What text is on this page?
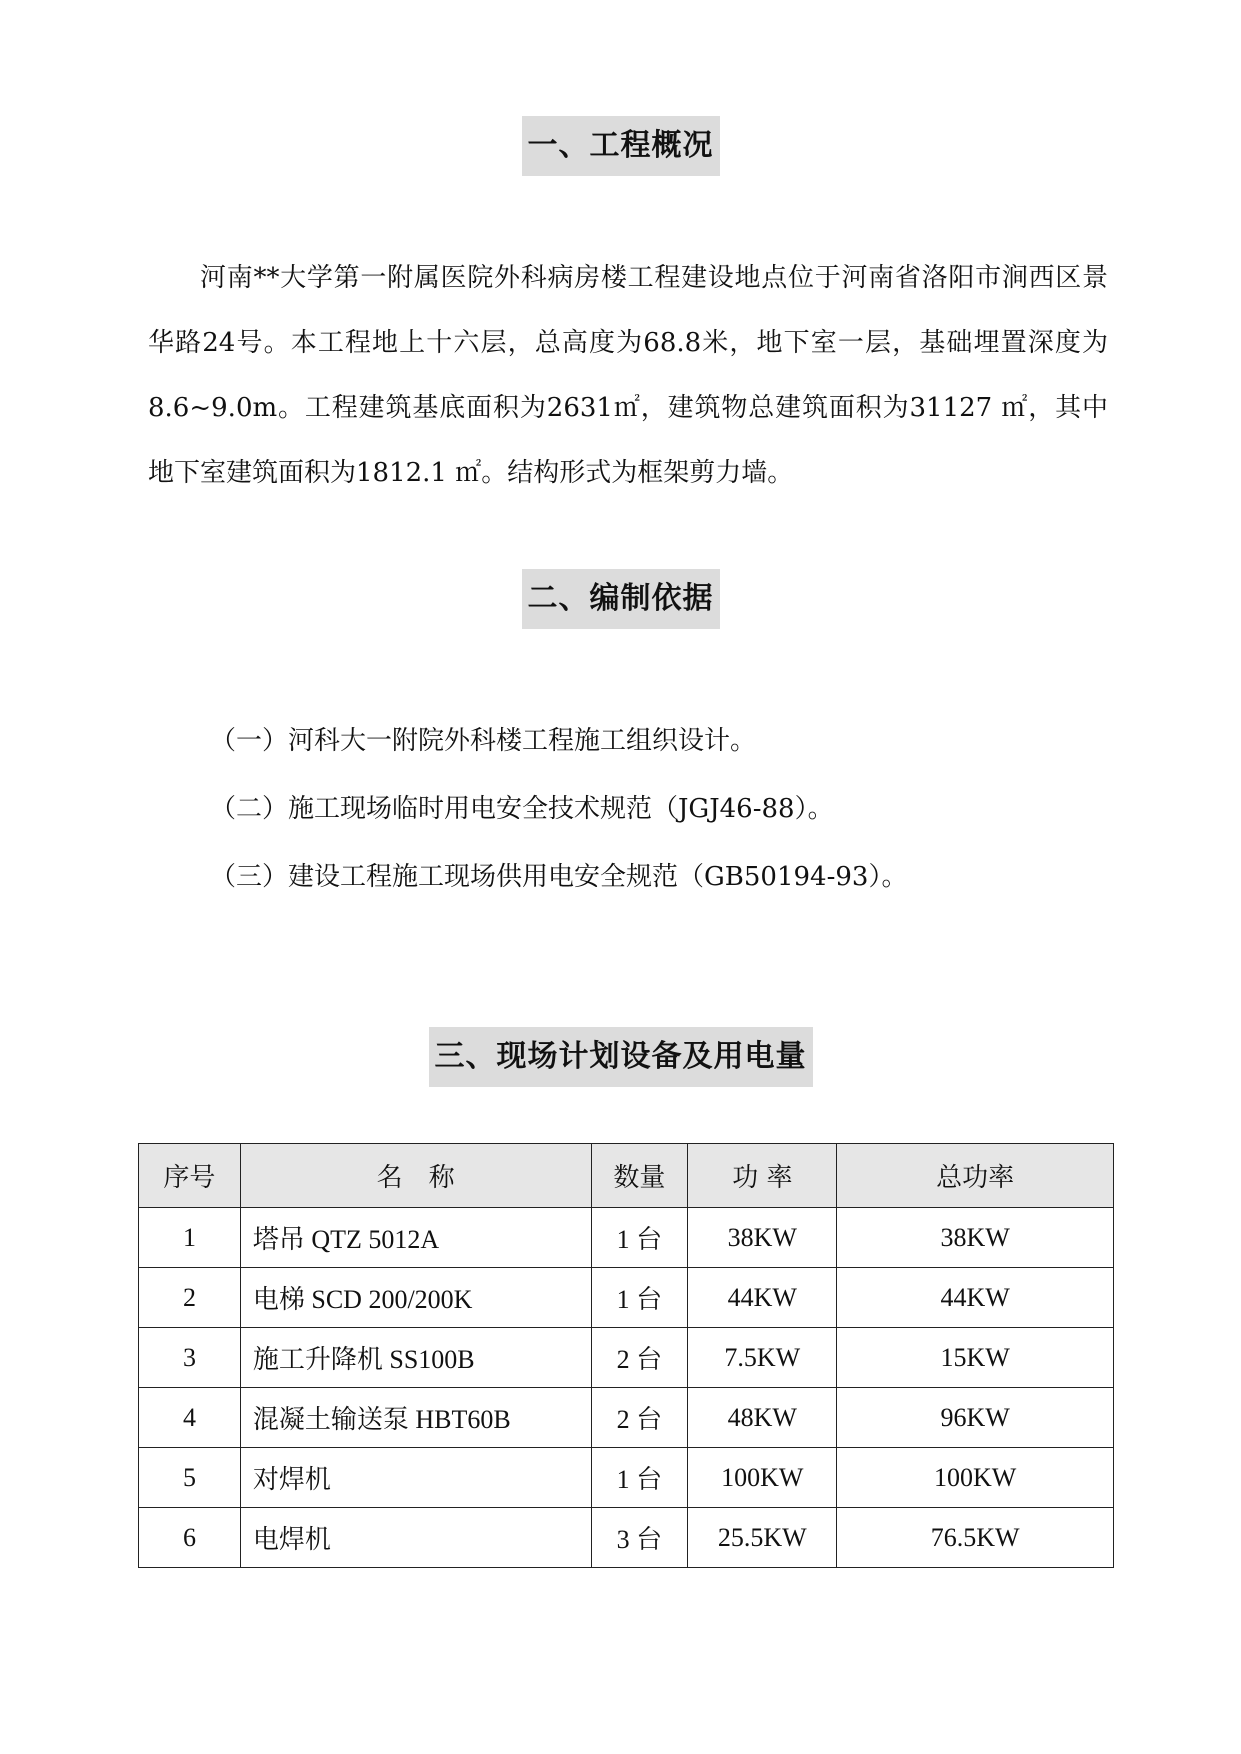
一、工程概况

河南**大学第一附属医院外科病房楼工程建设地点位于河南省洛阳市涧西区景华路24号。本工程地上十六层，总高度为68.8米，地下室一层，基础埋置深度为8.6~9.0m。工程建筑基底面积为2631㎡，建筑物总建筑面积为31127 ㎡，其中地下室建筑面积为1812.1 ㎡。结构形式为框架剪力墙。

二、编制依据

（一）河科大一附院外科楼工程施工组织设计。

（二）施工现场临时用电安全技术规范（JGJ46-88）。

（三）建设工程施工现场供用电安全规范（GB50194-93）。

三、现场计划设备及用电量
序号	名　称	数量	功 率	总功率
1	塔吊 QTZ 5012A	1 台	38KW	38KW
2	电梯 SCD 200/200K	1 台	44KW	44KW
3	施工升降机 SS100B	2 台	7.5KW	15KW
4	混凝土输送泵 HBT60B	2 台	48KW	96KW
5	对焊机	1 台	100KW	100KW
6	电焊机	3 台	25.5KW	76.5KW
